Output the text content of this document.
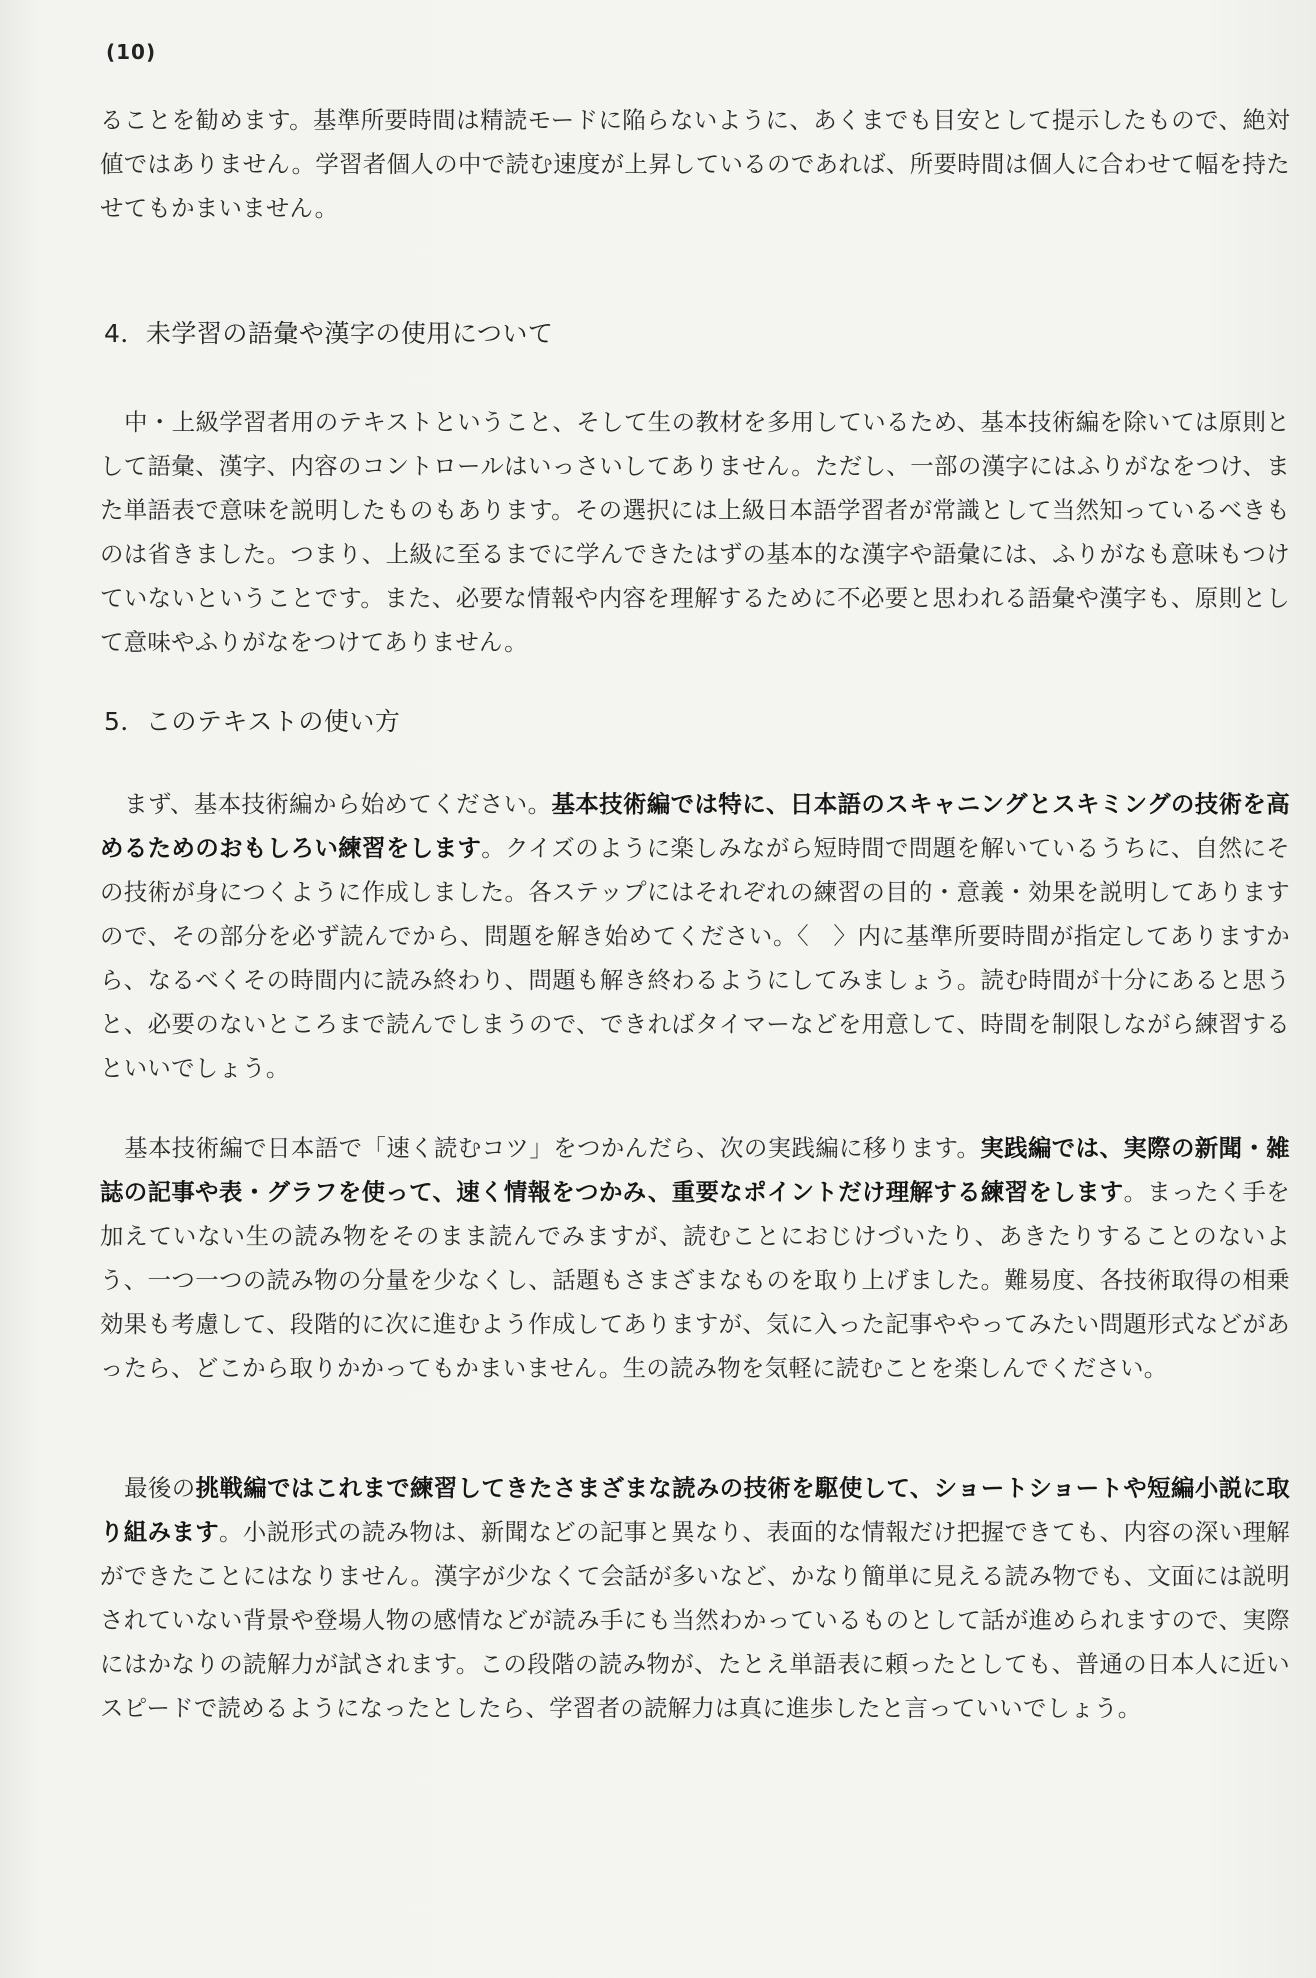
(10)

ることを勧めます。基準所要時間は精読モードに陥らないように、あくまでも目安として提示したもので、絶対値ではありません。学習者個人の中で読む速度が上昇しているのであれば、所要時間は個人に合わせて幅を持たせてもかまいません。

4．未学習の語彙や漢字の使用について

中・上級学習者用のテキストということ、そして生の教材を多用しているため、基本技術編を除いては原則として語彙、漢字、内容のコントロールはいっさいしてありません。ただし、一部の漢字にはふりがなをつけ、また単語表で意味を説明したものもあります。その選択には上級日本語学習者が常識として当然知っているべきものは省きました。つまり、上級に至るまでに学んできたはずの基本的な漢字や語彙には、ふりがなも意味もつけていないということです。また、必要な情報や内容を理解するために不必要と思われる語彙や漢字も、原則として意味やふりがなをつけてありません。

5．このテキストの使い方

まず、基本技術編から始めてください。基本技術編では特に、日本語のスキャニングとスキミングの技術を高めるためのおもしろい練習をします。クイズのように楽しみながら短時間で問題を解いているうちに、自然にその技術が身につくように作成しました。各ステップにはそれぞれの練習の目的・意義・効果を説明してありますので、その部分を必ず読んでから、問題を解き始めてください。〈　〉内に基準所要時間が指定してありますから、なるべくその時間内に読み終わり、問題も解き終わるようにしてみましょう。読む時間が十分にあると思うと、必要のないところまで読んでしまうので、できればタイマーなどを用意して、時間を制限しながら練習するといいでしょう。

基本技術編で日本語で「速く読むコツ」をつかんだら、次の実践編に移ります。実践編では、実際の新聞・雑誌の記事や表・グラフを使って、速く情報をつかみ、重要なポイントだけ理解する練習をします。まったく手を加えていない生の読み物をそのまま読んでみますが、読むことにおじけづいたり、あきたりすることのないよう、一つ一つの読み物の分量を少なくし、話題もさまざまなものを取り上げました。難易度、各技術取得の相乗効果も考慮して、段階的に次に進むよう作成してありますが、気に入った記事ややってみたい問題形式などがあったら、どこから取りかかってもかまいません。生の読み物を気軽に読むことを楽しんでください。

最後の挑戦編ではこれまで練習してきたさまざまな読みの技術を駆使して、ショートショートや短編小説に取り組みます。小説形式の読み物は、新聞などの記事と異なり、表面的な情報だけ把握できても、内容の深い理解ができたことにはなりません。漢字が少なくて会話が多いなど、かなり簡単に見える読み物でも、文面には説明されていない背景や登場人物の感情などが読み手にも当然わかっているものとして話が進められますので、実際にはかなりの読解力が試されます。この段階の読み物が、たとえ単語表に頼ったとしても、普通の日本人に近いスピードで読めるようになったとしたら、学習者の読解力は真に進歩したと言っていいでしょう。
